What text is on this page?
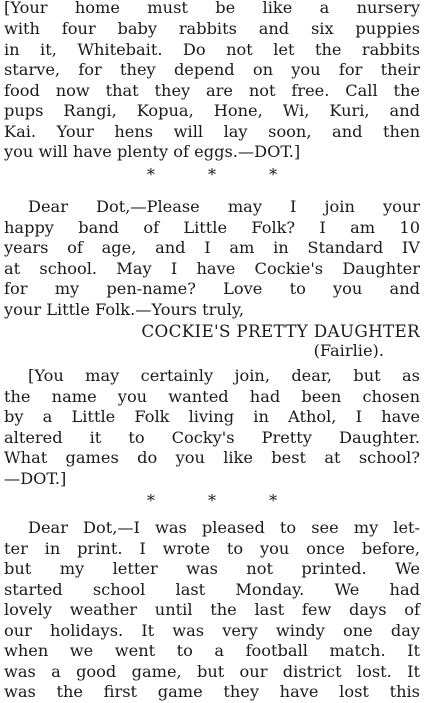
[Your home must be like a nursery
with four baby rabbits and six puppies
in it, Whitebait. Do not let the rabbits
starve, for they depend on you for their
food now that they are not free. Call the
pups Rangi, Kopua, Hone, Wi, Kuri, and
Kai. Your hens will lay soon, and then
you will have plenty of eggs.—DOT.]
* * *
Dear Dot,—Please may I join your
happy band of Little Folk? I am 10
years of age, and I am in Standard IV
at school. May I have Cockie's Daughter
for my pen-name? Love to you and
your Little Folk.—Yours truly,
COCKIE'S PRETTY DAUGHTER
(Fairlie).
[You may certainly join, dear, but as
the name you wanted had been chosen
by a Little Folk living in Athol, I have
altered it to Cocky's Pretty Daughter.
What games do you like best at school?
—DOT.]
* * *
Dear Dot,—I was pleased to see my let-
ter in print. I wrote to you once before,
but my letter was not printed. We
started school last Monday. We had
lovely weather until the last few days of
our holidays. It was very windy one day
when we went to a football match. It
was a good game, but our district lost. It
was the first game they have lost this
